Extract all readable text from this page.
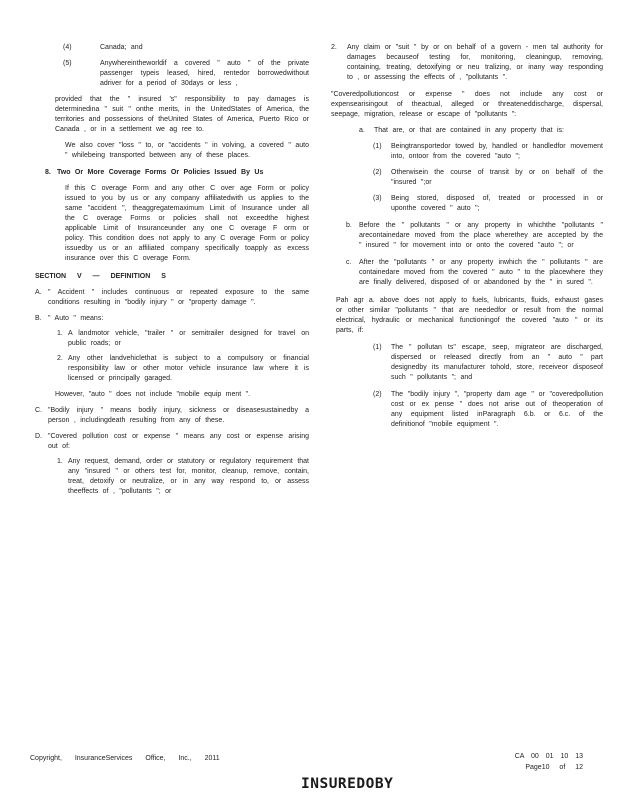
(4)	Canada; and
(5)	Anywhereintheworldif a covered " auto " of the private passenger typeis leased, hired, rentedor borrowedwithout adriver for a period of 30days or less ,
provided that the " insured 's" responsibility to pay damages is determinedina " suit " onthe merits, in the UnitedStates of America, the territories and possessions of theUnited States of America, Puerto Rico or Canada , or in a settlement we ag ree to.
We also cover "loss " to, or "accidents " in volving, a covered " auto " whilebeing transported between any of these places.
8. Two Or More Coverage Forms Or Policies Issued By Us
If this C overage Form and any other C over age Form or policy issued to you by us or any company affiliatedwith us applies to the same "accident ", theaggregatemaximum Limit of Insurance under all the C overage Forms or policies shall not exceedthe highest applicable Limit of Insuranceunder any one C overage F orm or policy. This condition does not apply to any C overage Form or policy issuedby us or an affiliated company specifically toapply as excess insurance over this C overage Form.
SECTION V — DEFINITION S
A. " Accident " includes continuous or repeated exposure to the same conditions resulting in "bodily injury " or "property damage ".
B. " Auto " means:
1. A landmotor vehicle, "trailer " or semitrailer designed for travel on public roads; or
2. Any other landvehiclethat is subject to a compulsory or financial responsibility law or other motor vehicle insurance law where it is licensed or principally garaged.
However, "auto " does not include "mobile equip ment ".
C. "Bodily injury " means bodily injury, sickness or diseasesustainedby a person , includingdeath resulting from any of these.
D. "Covered pollution cost or expense " means any cost or expense arising out of:
1. Any request, demand, order or statutory or regulatory requirement that any "insured " or others test for, monitor, cleanup, remove, contain, treat, detoxify or neutralize, or in any way respond to, or assess theeffects of , "pollutants "; or
2. Any claim or "suit " by or on behalf of a govern - men tal authority for damages becauseof testing for, monitoring, cleaningup, removing, containing, treating, detoxifying or neu tralizing, or inany way responding to , or assessing the effects of , "pollutants ".
"Coveredpollutioncost or expense " does not include any cost or expensearisingout of theactual, alleged or threateneddischarge, dispersal, seepage, migration, release or escape of "pollutants ":
a. That are, or that are contained in any property that is:
(1) Beingtransportedor towed by, handled or handledfor movement into, ontoor from the covered "auto ";
(2) Otherwisein the course of transit by or on behalf of the "insured ";or
(3) Being stored, disposed of, treated or processed in or uponthe covered " auto ";
b. Before the " pollutants " or any property in whichthe "pollutants " arecontainedare moved from the place wherethey are accepted by the " insured " for movement into or onto the covered "auto "; or
c. After the "pollutants " or any property inwhich the " pollutants " are containedare moved from the covered " auto " to the placewhere they are finally delivered, disposed of or abandoned by the " in sured ".
Pah agr a. above does not apply to fuels, lubricants, fluids, exhaust gases or other similar "pollutants " that are neededfor or result from the normal electrical, hydraulic or mechanical functioningof the covered "auto " or its parts, if:
(1) The " pollutan ts" escape, seep, migrateor are discharged, dispersed or released directly from an " auto " part designedby its manufacturer tohold, store, receiveor disposeof such " pollutants "; and
(2) The "bodily injury ", "property dam age " or "coveredpollution cost or ex pense " does not arise out of theoperation of any equipment listed inParagraph 6.b. or 6.c. of the definitionof "mobile equipment ".
Copyright, InsuranceServices Office, Inc., 2011	CA 00 01 10 13
Page10 of 12
INSUREDOBY
